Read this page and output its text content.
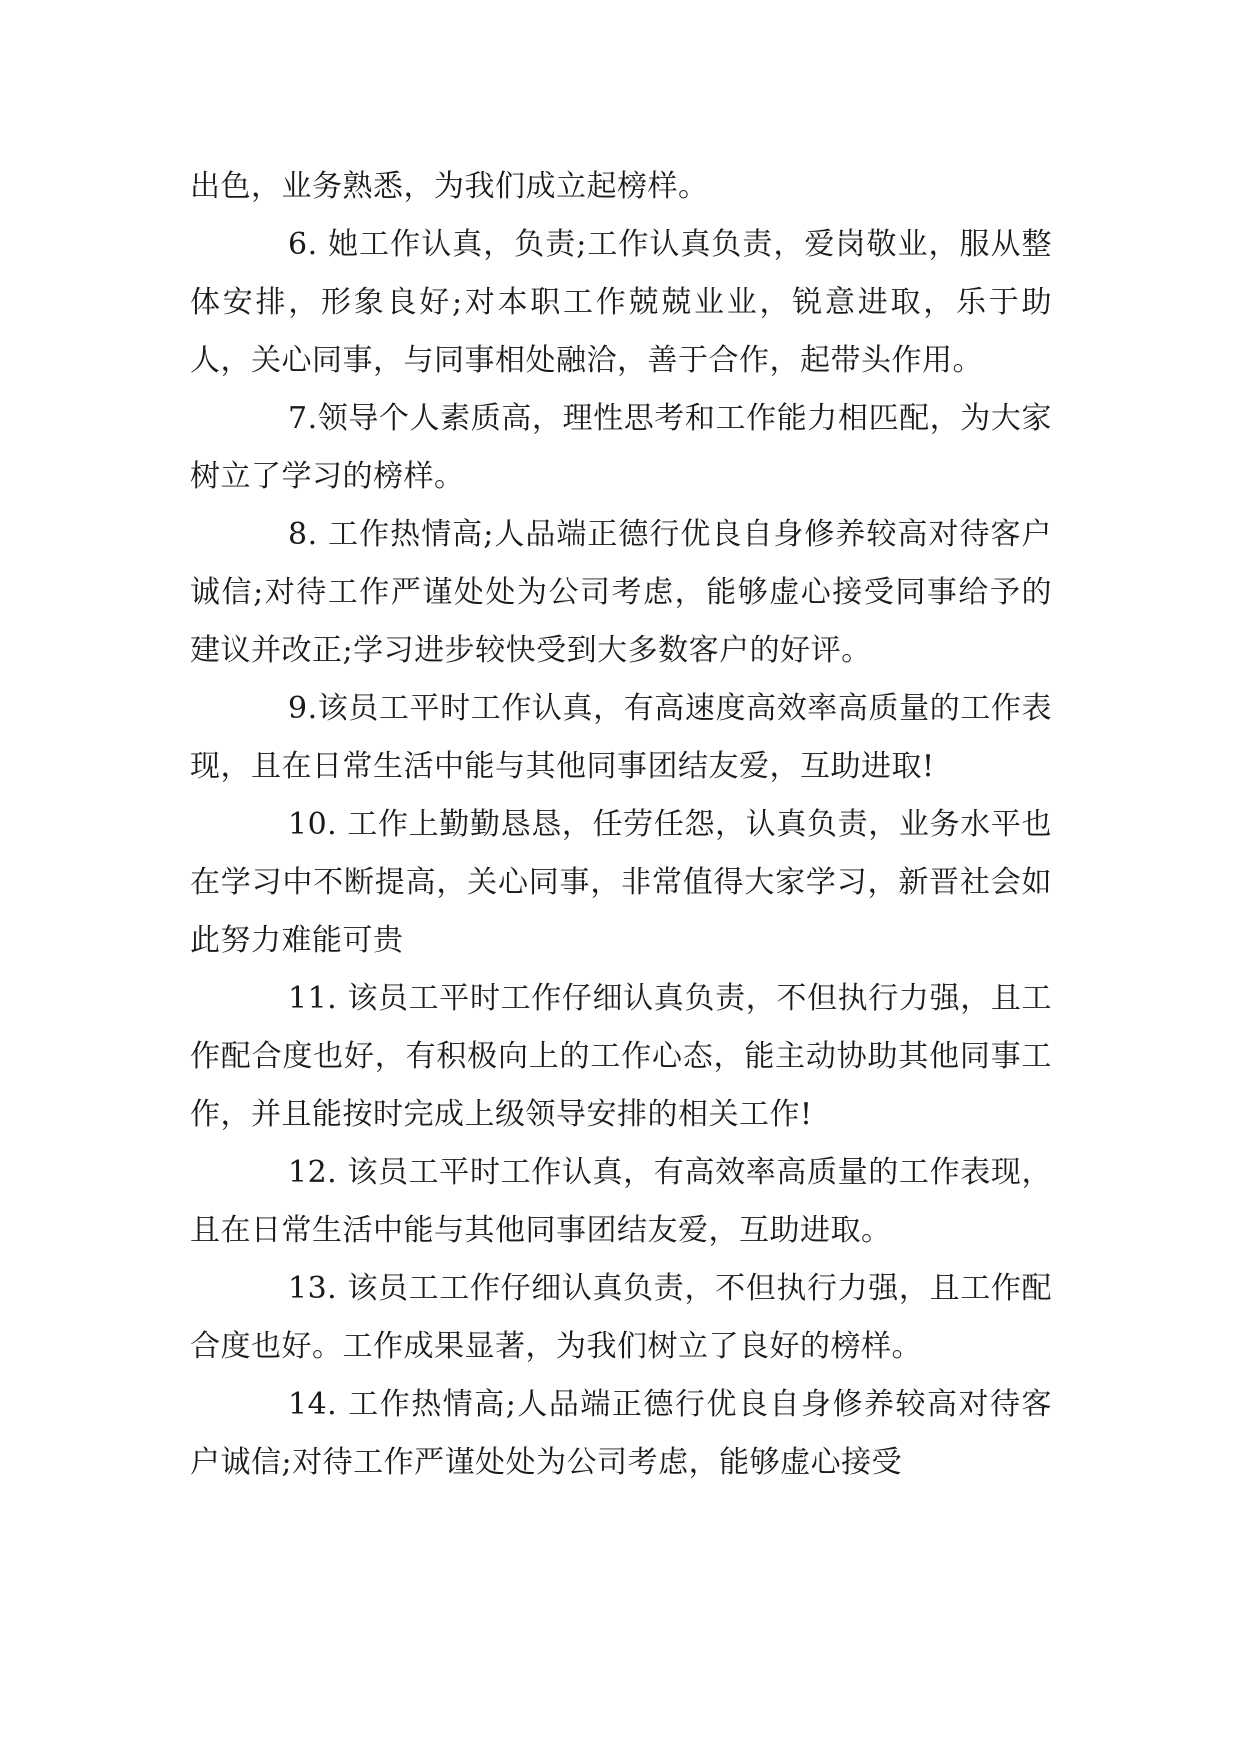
出色，业务熟悉，为我们成立起榜样。

6. 她工作认真，负责;工作认真负责，爱岗敬业，服从整体安排，形象良好;对本职工作兢兢业业，锐意进取，乐于助人，关心同事，与同事相处融洽，善于合作，起带头作用。

7.领导个人素质高，理性思考和工作能力相匹配，为大家树立了学习的榜样。

8. 工作热情高;人品端正德行优良自身修养较高对待客户诚信;对待工作严谨处处为公司考虑，能够虚心接受同事给予的建议并改正;学习进步较快受到大多数客户的好评。

9.该员工平时工作认真，有高速度高效率高质量的工作表现，且在日常生活中能与其他同事团结友爱，互助进取!

10. 工作上勤勤恳恳，任劳任怨，认真负责，业务水平也在学习中不断提高，关心同事，非常值得大家学习，新晋社会如此努力难能可贵

11. 该员工平时工作仔细认真负责，不但执行力强，且工作配合度也好，有积极向上的工作心态，能主动协助其他同事工作，并且能按时完成上级领导安排的相关工作!

12. 该员工平时工作认真，有高效率高质量的工作表现，且在日常生活中能与其他同事团结友爱，互助进取。

13. 该员工工作仔细认真负责，不但执行力强，且工作配合度也好。工作成果显著，为我们树立了良好的榜样。

14. 工作热情高;人品端正德行优良自身修养较高对待客户诚信;对待工作严谨处处为公司考虑，能够虚心接受
